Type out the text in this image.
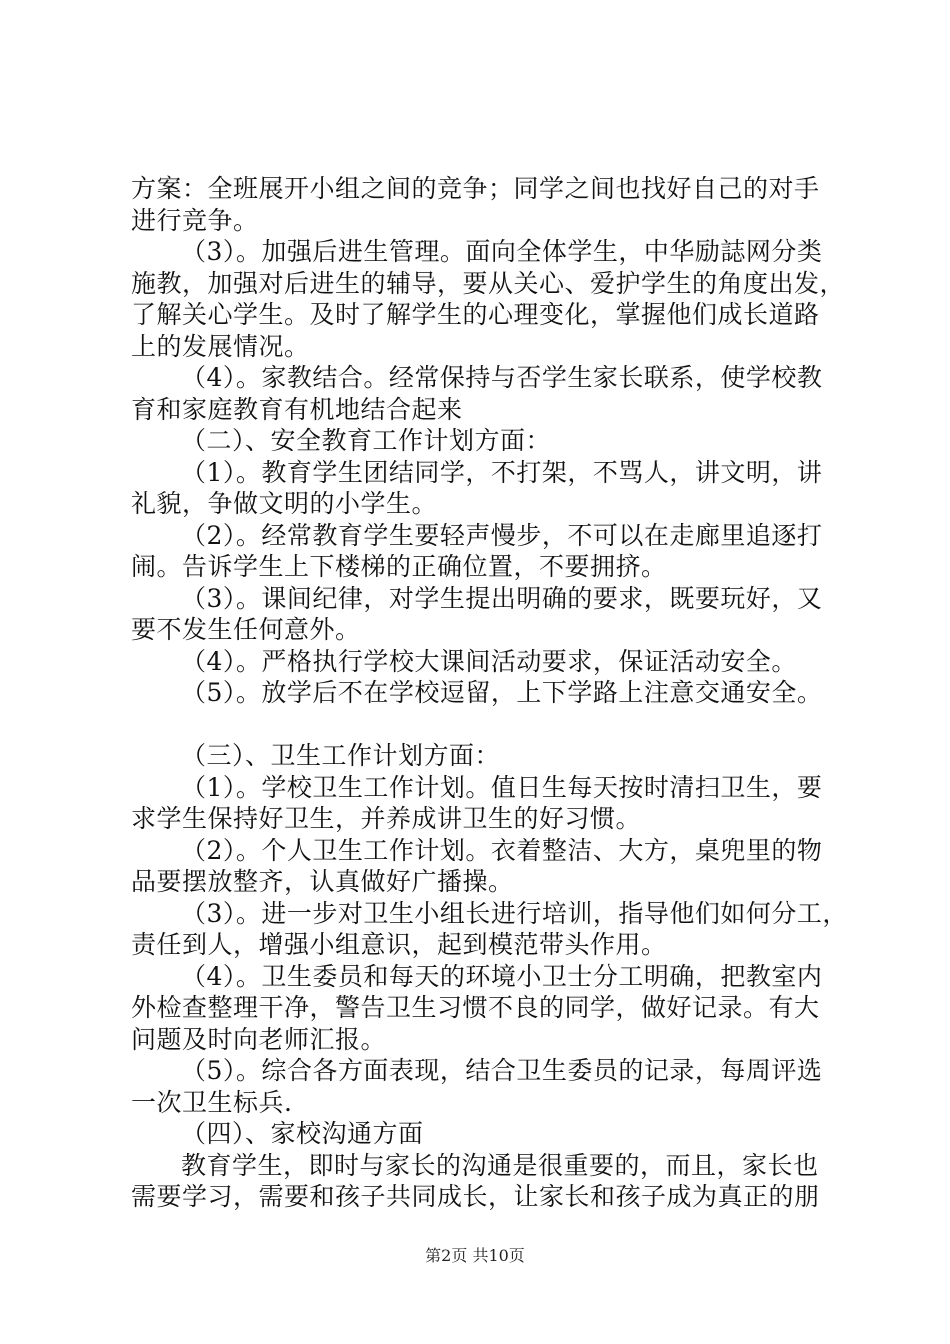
方案：全班展开小组之间的竞争；同学之间也找好自己的对手
进行竞争。
（3）。加强后进生管理。面向全体学生，中华励誌网分类
施教，加强对后进生的辅导，要从关心、爱护学生的角度出发，
了解关心学生。及时了解学生的心理变化，掌握他们成长道路
上的发展情况。
（4）。家教结合。经常保持与否学生家长联系，使学校教
育和家庭教育有机地结合起来
（二）、安全教育工作计划方面：
（1）。教育学生团结同学，不打架，不骂人，讲文明，讲
礼貌，争做文明的小学生。
（2）。经常教育学生要轻声慢步，不可以在走廊里追逐打
闹。告诉学生上下楼梯的正确位置，不要拥挤。
（3）。课间纪律，对学生提出明确的要求，既要玩好，又
要不发生任何意外。
（4）。严格执行学校大课间活动要求，保证活动安全。
（5）。放学后不在学校逗留，上下学路上注意交通安全。
（三）、卫生工作计划方面：
（1）。学校卫生工作计划。值日生每天按时清扫卫生，要
求学生保持好卫生，并养成讲卫生的好习惯。
（2）。个人卫生工作计划。衣着整洁、大方，桌兜里的物
品要摆放整齐，认真做好广播操。
（3）。进一步对卫生小组长进行培训，指导他们如何分工，
责任到人，增强小组意识，起到模范带头作用。
（4）。卫生委员和每天的环境小卫士分工明确，把教室内
外检查整理干净，警告卫生习惯不良的同学，做好记录。有大
问题及时向老师汇报。
（5）。综合各方面表现，结合卫生委员的记录，每周评选
一次卫生标兵.
（四）、家校沟通方面
教育学生，即时与家长的沟通是很重要的，而且，家长也
需要学习，需要和孩子共同成长，让家长和孩子成为真正的朋
第2页 共10页
